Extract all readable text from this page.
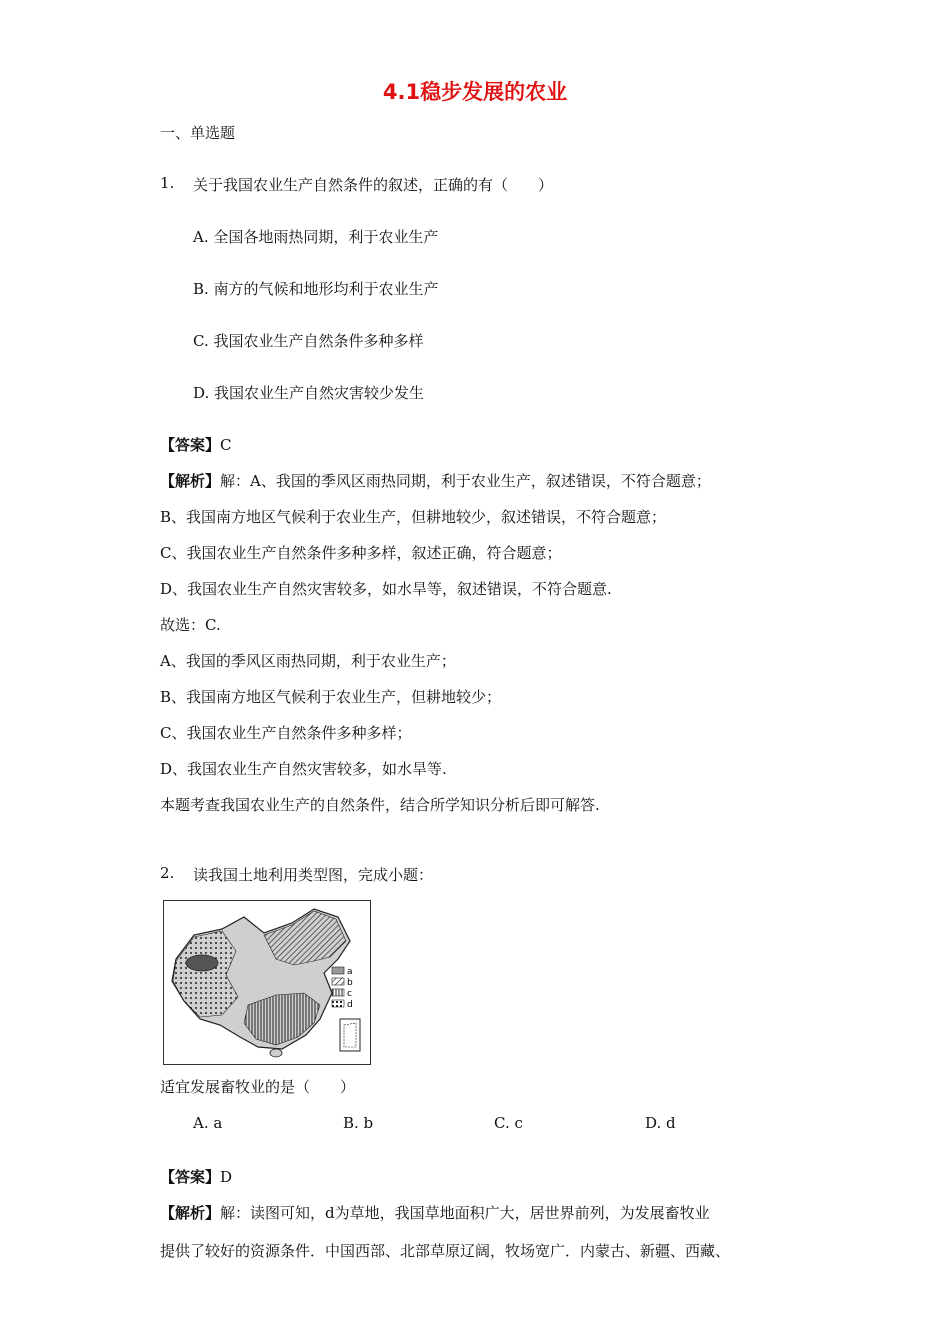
4.1稳步发展的农业
一、单选题
1. 关于我国农业生产自然条件的叙述，正确的有（　　）
A. 全国各地雨热同期，利于农业生产
B. 南方的气候和地形均利于农业生产
C. 我国农业生产自然条件多种多样
D. 我国农业生产自然灾害较少发生
【答案】C
【解析】解：A、我国的季风区雨热同期，利于农业生产，叙述错误，不符合题意；
B、我国南方地区气候利于农业生产，但耕地较少，叙述错误，不符合题意；
C、我国农业生产自然条件多种多样，叙述正确，符合题意；
D、我国农业生产自然灾害较多，如水旱等，叙述错误，不符合题意.
故选：C.
A、我国的季风区雨热同期，利于农业生产；
B、我国南方地区气候利于农业生产，但耕地较少；
C、我国农业生产自然条件多种多样；
D、我国农业生产自然灾害较多，如水旱等.
本题考查我国农业生产的自然条件，结合所学知识分析后即可解答.
2. 读我国土地利用类型图，完成小题：
a
b
c
d
适宜发展畜牧业的是（　　）
A. a	B. b	C. c	D. d
【答案】D
【解析】解：读图可知，d为草地，我国草地面积广大，居世界前列，为发展畜牧业
提供了较好的资源条件．中国西部、北部草原辽阔，牧场宽广．内蒙古、新疆、西藏、
